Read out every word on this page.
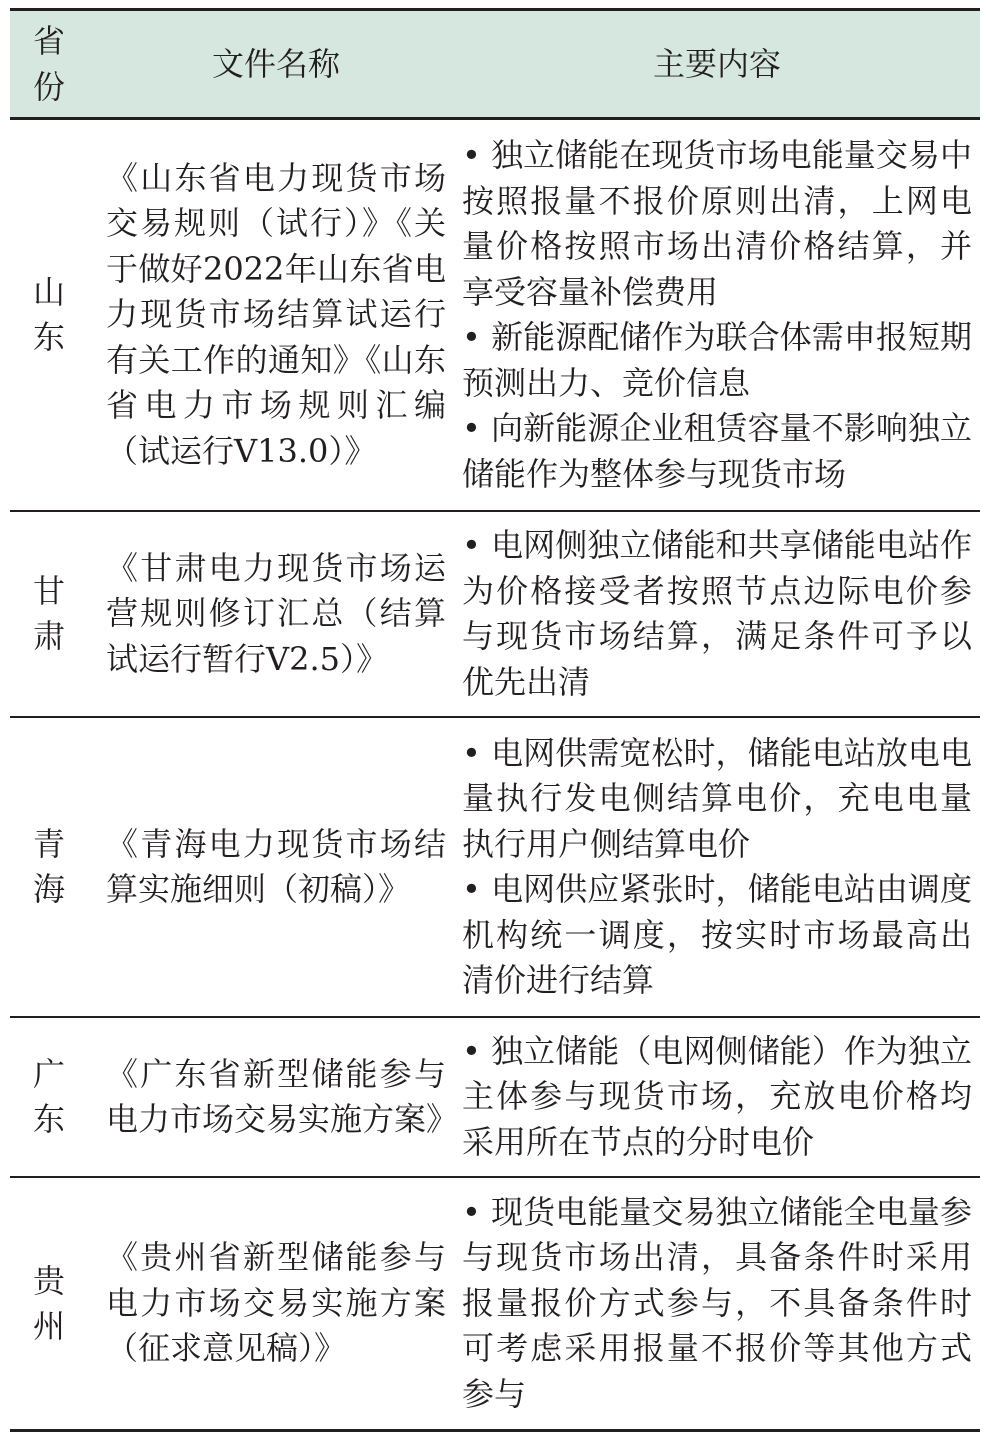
省份
文件名称	主要内容
山东
《山东省电力现货市场交易规则（试行）》《关于做好2022年山东省电力现货市场结算试运行有关工作的通知》《山东省电力市场规则汇编（试运行V13.0）》
• 独立储能在现货市场电能量交易中按照报量不报价原则出清，上网电量价格按照市场出清价格结算，并享受容量补偿费用
• 新能源配储作为联合体需申报短期预测出力、竞价信息
• 向新能源企业租赁容量不影响独立储能作为整体参与现货市场
甘肃
《甘肃电力现货市场运营规则修订汇总（结算试运行暂行V2.5）》
• 电网侧独立储能和共享储能电站作为价格接受者按照节点边际电价参与现货市场结算，满足条件可予以优先出清
青海
《青海电力现货市场结算实施细则（初稿）》
• 电网供需宽松时，储能电站放电电量执行发电侧结算电价，充电电量执行用户侧结算电价
• 电网供应紧张时，储能电站由调度机构统一调度，按实时市场最高出清价进行结算
广东
《广东省新型储能参与电力市场交易实施方案》
• 独立储能（电网侧储能）作为独立主体参与现货市场，充放电价格均采用所在节点的分时电价
贵州
《贵州省新型储能参与电力市场交易实施方案（征求意见稿）》
• 现货电能量交易独立储能全电量参与现货市场出清，具备条件时采用报量报价方式参与，不具备条件时可考虑采用报量不报价等其他方式参与
